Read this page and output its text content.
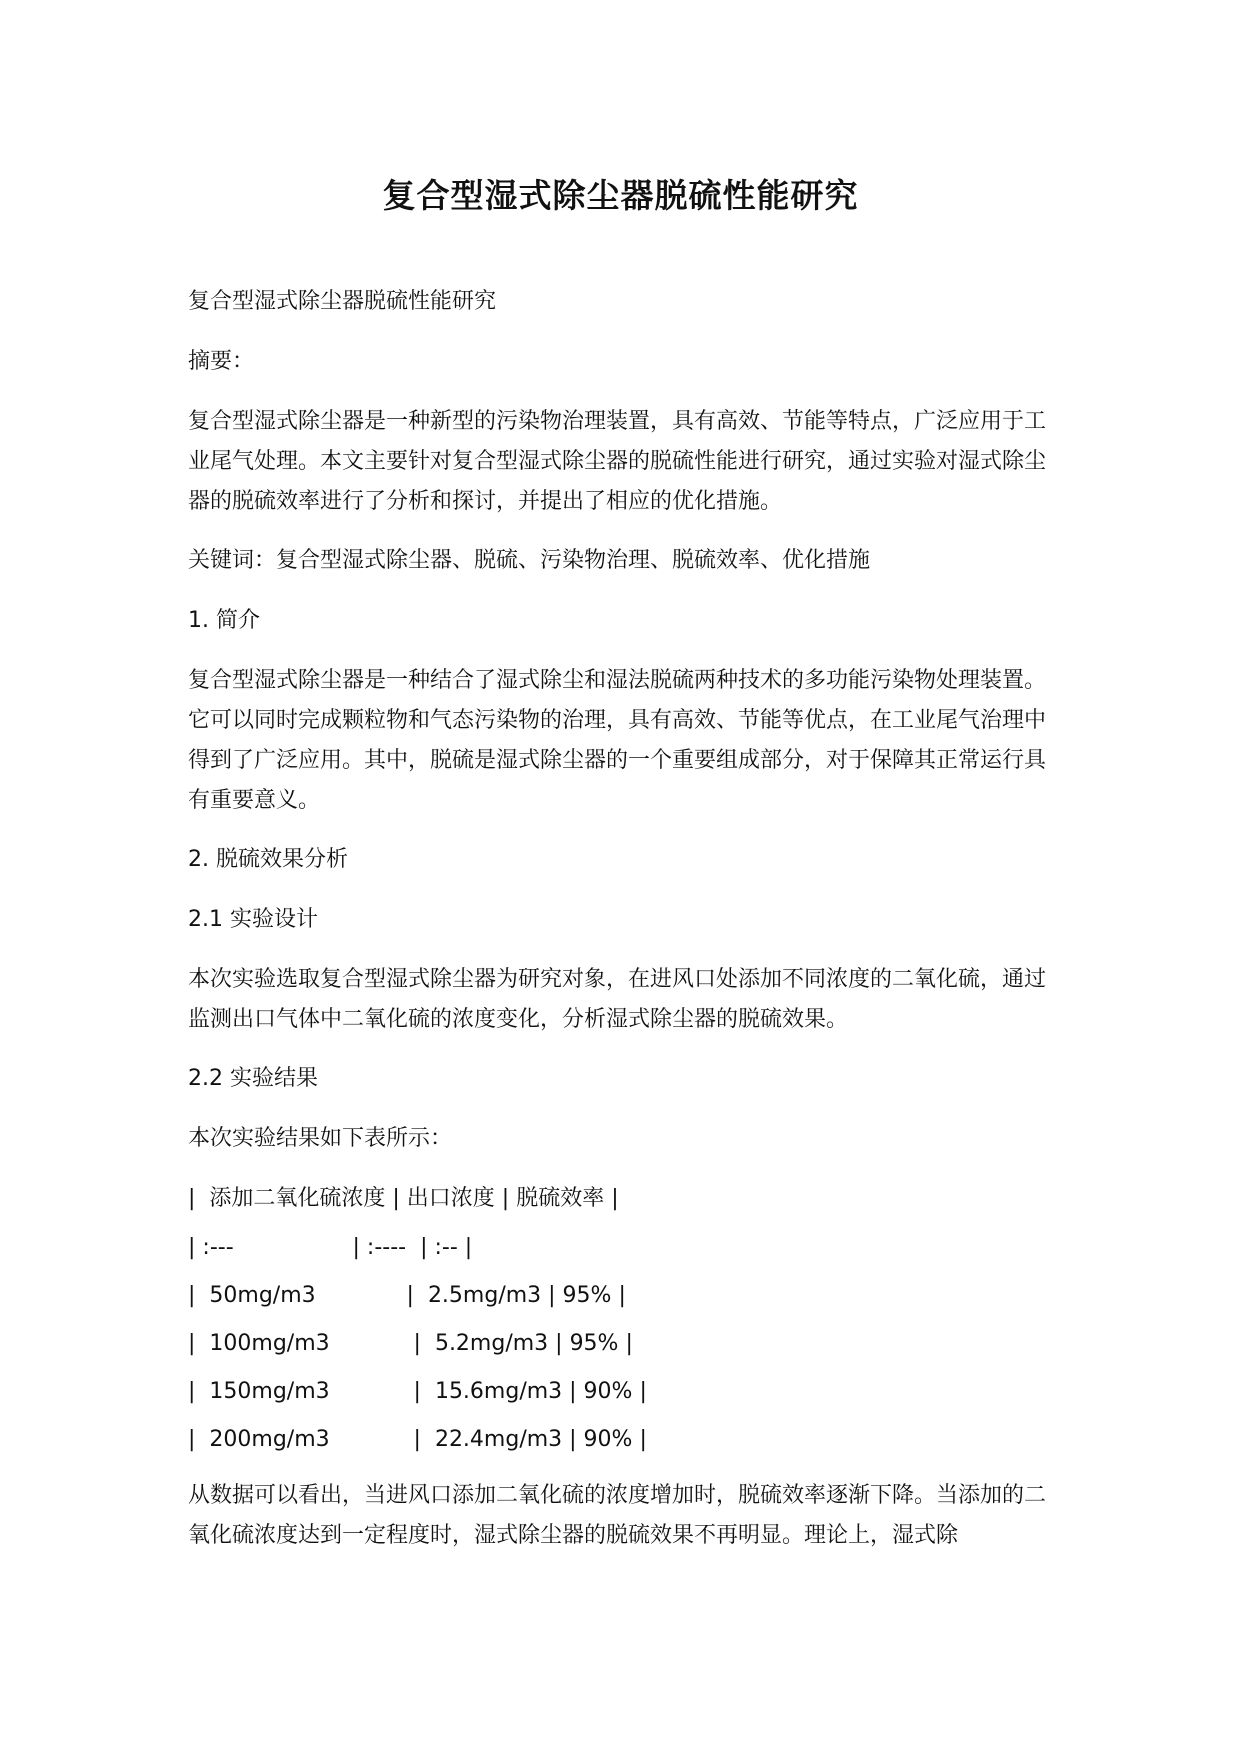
复合型湿式除尘器脱硫性能研究

复合型湿式除尘器脱硫性能研究

摘要：

复合型湿式除尘器是一种新型的污染物治理装置，具有高效、节能等特点，广泛应用于工业尾气处理。本文主要针对复合型湿式除尘器的脱硫性能进行研究，通过实验对湿式除尘器的脱硫效率进行了分析和探讨，并提出了相应的优化措施。

关键词：复合型湿式除尘器、脱硫、污染物治理、脱硫效率、优化措施

1. 简介

复合型湿式除尘器是一种结合了湿式除尘和湿法脱硫两种技术的多功能污染物处理装置。它可以同时完成颗粒物和气态污染物的治理，具有高效、节能等优点，在工业尾气治理中得到了广泛应用。其中，脱硫是湿式除尘器的一个重要组成部分，对于保障其正常运行具有重要意义。

2. 脱硫效果分析

2.1 实验设计

本次实验选取复合型湿式除尘器为研究对象，在进风口处添加不同浓度的二氧化硫，通过监测出口气体中二氧化硫的浓度变化，分析湿式除尘器的脱硫效果。

2.2 实验结果

本次实验结果如下表所示：

|  添加二氧化硫浓度 | 出口浓度 | 脱硫效率 |

| :---                 | :----  | :-- |

|  50mg/m3             |  2.5mg/m3 | 95% |

|  100mg/m3            |  5.2mg/m3 | 95% |

|  150mg/m3            |  15.6mg/m3 | 90% |

|  200mg/m3            |  22.4mg/m3 | 90% |

从数据可以看出，当进风口添加二氧化硫的浓度增加时，脱硫效率逐渐下降。当添加的二氧化硫浓度达到一定程度时，湿式除尘器的脱硫效果不再明显。理论上，湿式除
